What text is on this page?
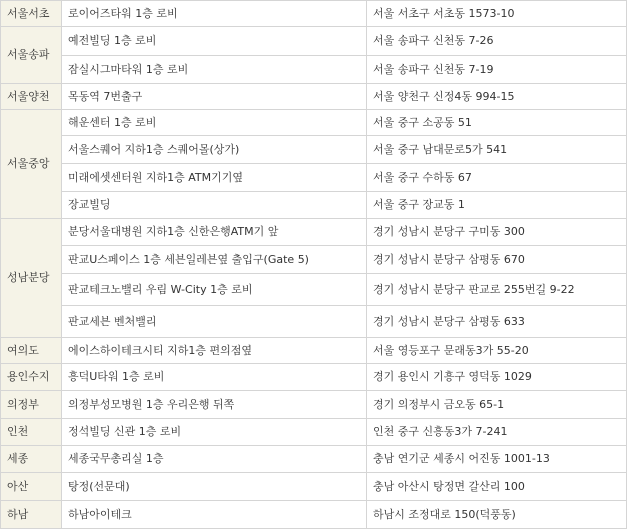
서울서초	로이어즈타워 1층 로비	서울 서초구 서초동 1573-10
서울송파	예전빌딩 1층 로비	서울 송파구 신천동 7-26
	잠실시그마타워 1층 로비	서울 송파구 신천동 7-19
서울양천	목동역 7번출구	서울 양천구 신정4동 994-15
서울중앙	해운센터 1층 로비	서울 중구 소공동 51
	서울스퀘어 지하1층 스퀘어몰(상가)	서울 중구 남대문로5가 541
	미래에셋센터원 지하1층 ATM기기옆	서울 중구 수하동 67
	장교빌딩	서울 중구 장교동 1
성남분당	분당서울대병원 지하1층 신한은행ATM기 앞	경기 성남시 분당구 구미동 300
	판교U스페이스 1층 세븐일레븐옆 출입구(Gate 5)	경기 성남시 분당구 삼평동 670
	판교테크노밸리 우림 W-City 1층 로비	경기 성남시 분당구 판교로 255번길 9-22
	판교세븐 벤처밸리	경기 성남시 분당구 삼평동 633
여의도	에이스하이테크시티 지하1층 편의점옆	서울 영등포구 문래동3가 55-20
용인수지	흥덕U타워 1층 로비	경기 용인시 기흥구 영덕동 1029
의정부	의정부성모병원 1층 우리은행 뒤쪽	경기 의정부시 금오동 65-1
인천	정석빌딩 신관 1층 로비	인천 중구 신흥동3가 7-241
세종	세종국무총리실 1층	충남 연기군 세종시 어진동 1001-13
아산	탕정(선문대)	충남 아산시 탕정면 갈산리 100
하남	하남아이테크	하남시 조정대로 150(덕풍동)
